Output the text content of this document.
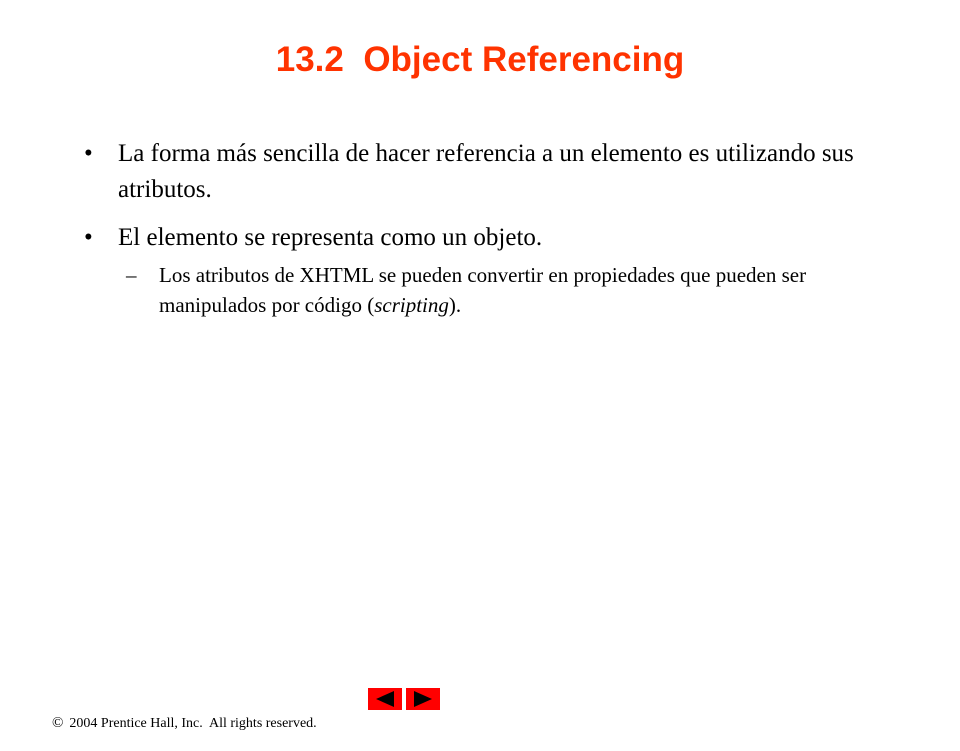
13.2  Object Referencing
• La forma más sencilla de hacer referencia a un elemento es utilizando sus atributos.
• El elemento se representa como un objeto.
– Los atributos de XHTML se pueden convertir en propiedades que pueden ser manipulados por código (scripting).

© 2004 Prentice Hall, Inc.  All rights reserved.
